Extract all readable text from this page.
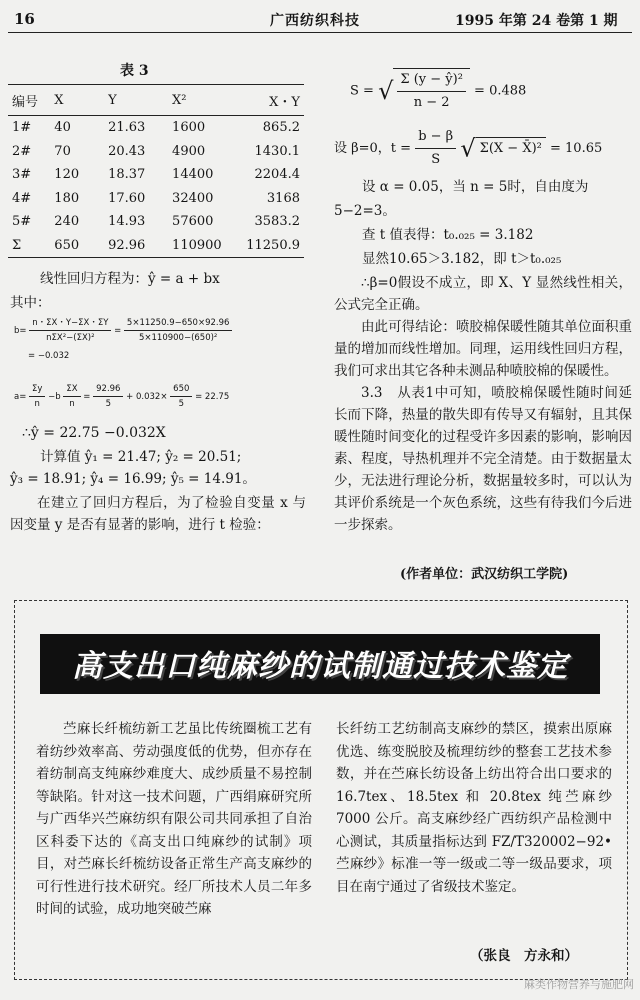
16	广西纺织科技	1995 年第 24 卷第 1 期
表 3
编号	X	Y	X²	X・Y
1#	40	21.63	1600	865.2
2#	70	20.43	4900	1430.1
3#	120	18.37	14400	2204.4
4#	180	17.60	32400	3168
5#	240	14.93	57600	3583.2
Σ	650	92.96	110900	11250.9
线性回归方程为：ŷ = a + bx
其中：
$b= \frac{n・\Sigma X・Y-\Sigma X・\Sigma Y}{\text{nΣX²−(ΣX)²}} = \frac{5\times 11250.9-650\times 92.96}{\text{5×110900−(650)²}}$
= −0.032
$a= \frac{\Sigma y}{n} -b \frac{\Sigma X}{n} = \frac{92.96}{5} + 0.032\times \frac{650}{5} = 22.75$
∴ŷ = 22.75 −0.032X
计算值 ŷ₁ = 21.47; ŷ₂ = 20.51;
ŷ₃ = 18.91; ŷ₄ = 16.99; ŷ₅ = 14.91。
在建立了回归方程后，为了检验自变量 x 与因变量 y 是否有显著的影响，进行 t 检验：
S = √ $\frac{\text{Σ (y − ŷ)²}}{n - 2} = 0.488$
设 β=0，$t = \frac{b - \beta}{S}$ √ Σ(X − X̄)² = 10.65
设 α = 0.05，当 n = 5时，自由度为
5−2=3。
查 t 值表得：t₀.₀₂₅ = 3.182
显然10.65＞3.182，即 t＞t₀.₀₂₅

∴β=0假设不成立，即 X、Y 显然线性相关，公式完全正确。

由此可得结论：喷胶棉保暖性随其单位面积重量的增加而线性增加。同理，运用线性回归方程，我们可求出其它各种未测品种喷胶棉的保暖性。

3.3　从表1中可知，喷胶棉保暖性随时间延长而下降，热量的散失即有传导又有辐射，且其保暖性随时间变化的过程受许多因素的影响，影响因素、程度，导热机理并不完全清楚。由于数据量太少，无法进行理论分析，数据量较多时，可以认为其评价系统是一个灰色系统，这些有待我们今后进一步探索。

(作者单位：武汉纺织工学院)
高支出口纯麻纱的试制通过技术鉴定
苎麻长纤梳纺新工艺虽比传统圈梳工艺有着纺纱效率高、劳动强度低的优势，但亦存在着纺制高支纯麻纱难度大、成纱质量不易控制等缺陷。针对这一技术问题，广西绢麻研究所与广西华兴苎麻纺织有限公司共同承担了自治区科委下达的《高支出口纯麻纱的试制》项目，对苎麻长纤梳纺设备正常生产高支麻纱的可行性进行技术研究。经厂所技术人员二年多时间的试验，成功地突破苎麻
长纤纺工艺纺制高支麻纱的禁区，摸索出原麻优选、练变脱胶及梳理纺纱的整套工艺技术参数，并在苎麻长纺设备上纺出符合出口要求的 16.7tex、18.5tex 和 20.8tex 纯苎麻纱 7000 公斤。高支麻纱经广西纺织产品检测中心测试，其质量指标达到 FZ/T320002−92•苎麻纱》标准一等一级或二等一级品要求，项目在南宁通过了省级技术鉴定。
（张良　方永和）
麻类作物营养与施肥网
